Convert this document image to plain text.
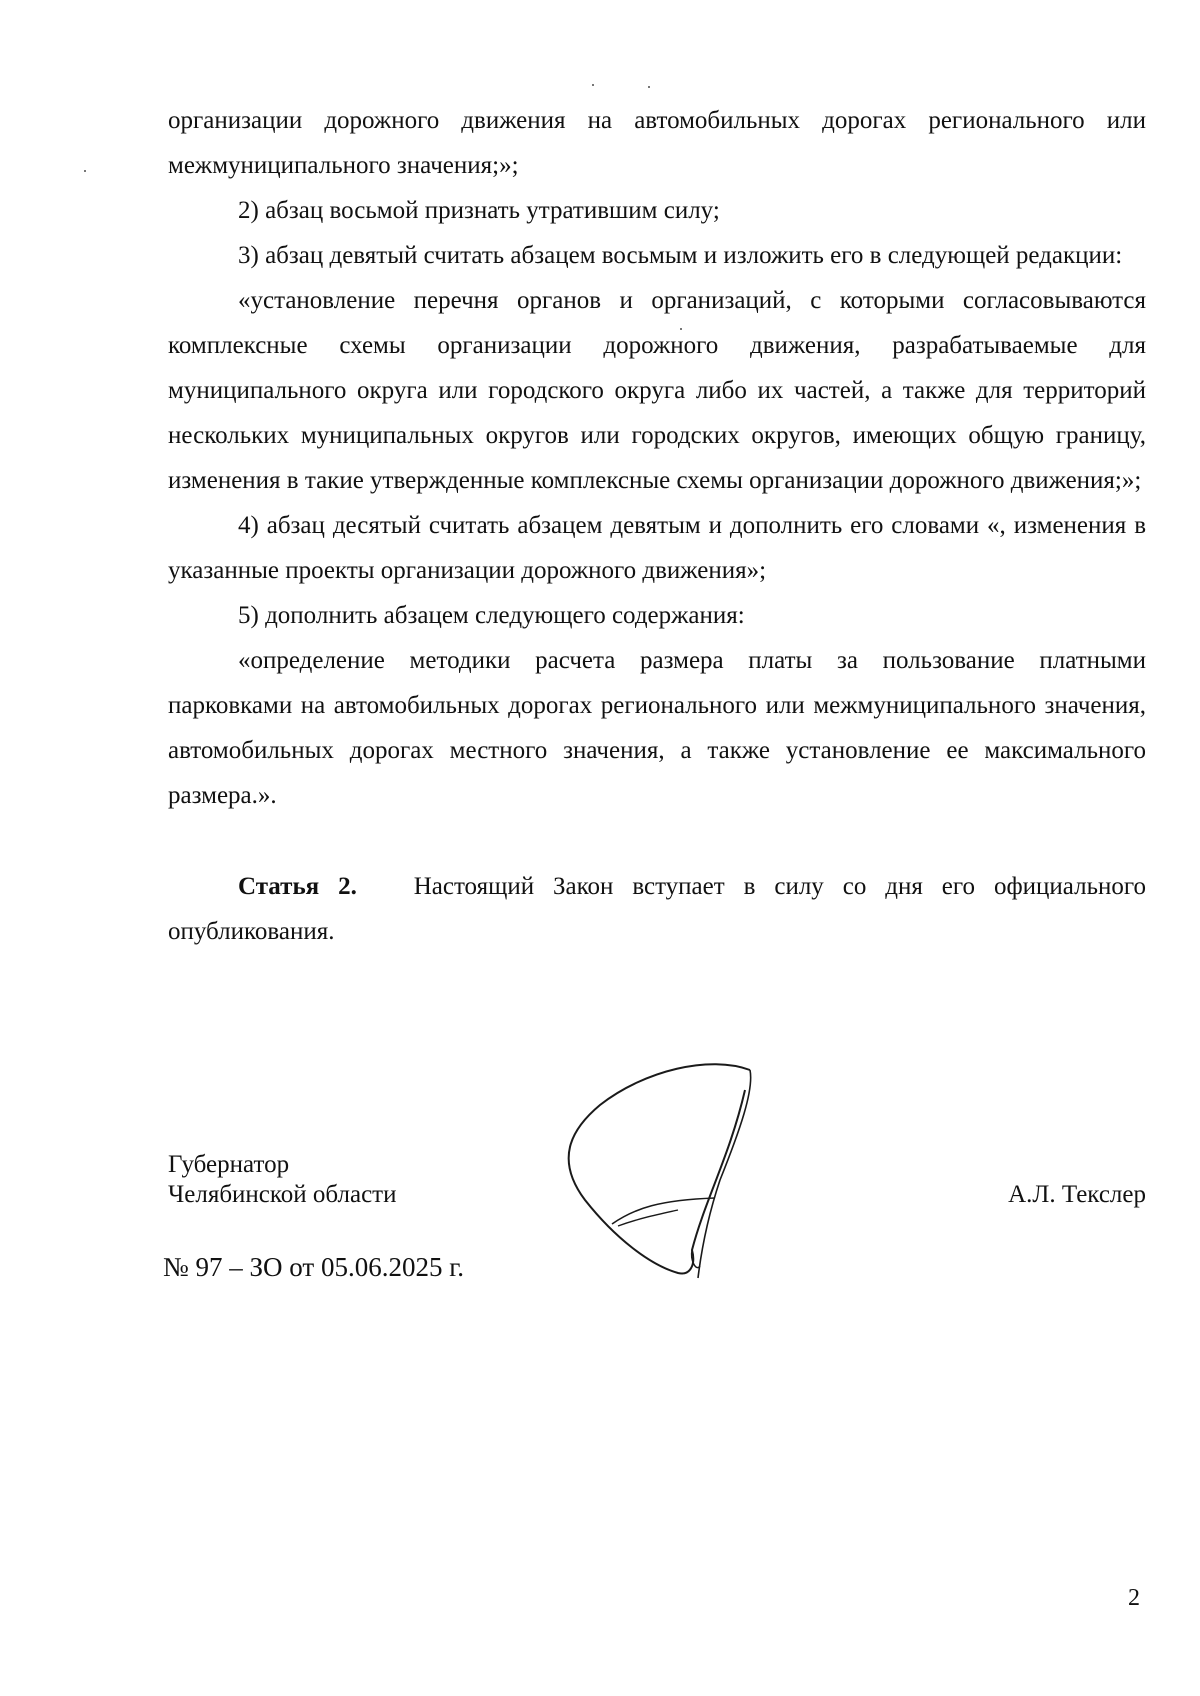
организации дорожного движения на автомобильных дорогах регионального или межмуниципального значения;»;

2) абзац восьмой признать утратившим силу;

3) абзац девятый считать абзацем восьмым и изложить его в следующей редакции:

«установление перечня органов и организаций, с которыми согласовываются комплексные схемы организации дорожного движения, разрабатываемые для муниципального округа или городского округа либо их частей, а также для территорий нескольких муниципальных округов или городских округов, имеющих общую границу, изменения в такие утвержденные комплексные схемы организации дорожного движения;»;

4) абзац десятый считать абзацем девятым и дополнить его словами «, изменения в указанные проекты организации дорожного движения»;

5) дополнить абзацем следующего содержания:

«определение методики расчета размера платы за пользование платными парковками на автомобильных дорогах регионального или межмуниципального значения, автомобильных дорогах местного значения, а также установление ее максимального размера.».

Статья 2. Настоящий Закон вступает в силу со дня его официального опубликования.

Губернатор
Челябинской области	А.Л. Текслер
№ 97 – ЗО от 05.06.2025 г.
2
